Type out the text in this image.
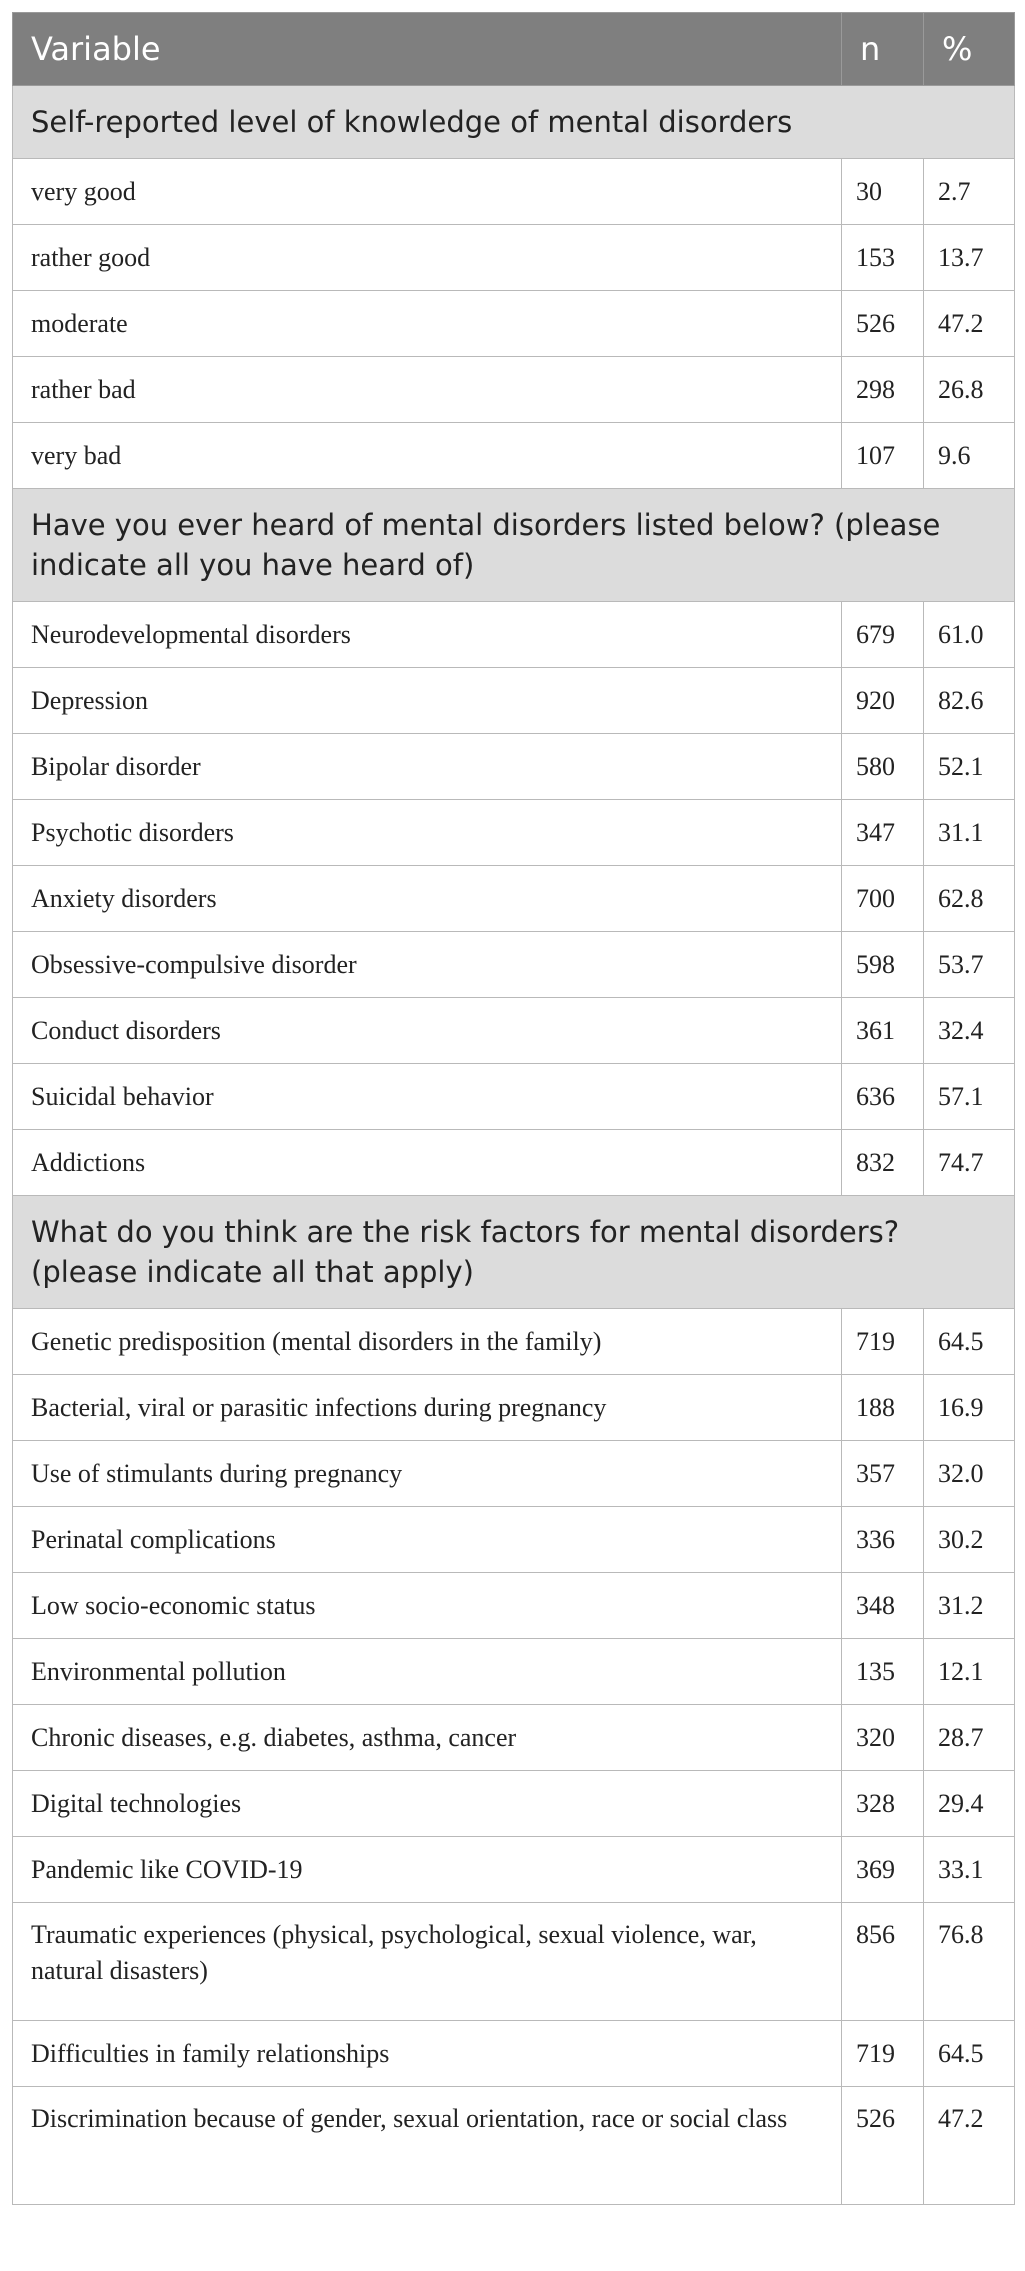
Variable	n	%
Self-reported level of knowledge of mental disorders		
very good	30	2.7
rather good	153	13.7
moderate	526	47.2
rather bad	298	26.8
very bad	107	9.6
Have you ever heard of mental disorders listed below? (please indicate all you have heard of)		
Neurodevelopmental disorders	679	61.0
Depression	920	82.6
Bipolar disorder	580	52.1
Psychotic disorders	347	31.1
Anxiety disorders	700	62.8
Obsessive-compulsive disorder	598	53.7
Conduct disorders	361	32.4
Suicidal behavior	636	57.1
Addictions	832	74.7
What do you think are the risk factors for mental disorders? (please indicate all that apply)		
Genetic predisposition (mental disorders in the family)	719	64.5
Bacterial, viral or parasitic infections during pregnancy	188	16.9
Use of stimulants during pregnancy	357	32.0
Perinatal complications	336	30.2
Low socio-economic status	348	31.2
Environmental pollution	135	12.1
Chronic diseases, e.g. diabetes, asthma, cancer	320	28.7
Digital technologies	328	29.4
Pandemic like COVID-19	369	33.1
Traumatic experiences (physical, psychological, sexual violence, war, natural disasters)	856	76.8
Difficulties in family relationships	719	64.5
Discrimination because of gender, sexual orientation, race or social class	526	47.2
